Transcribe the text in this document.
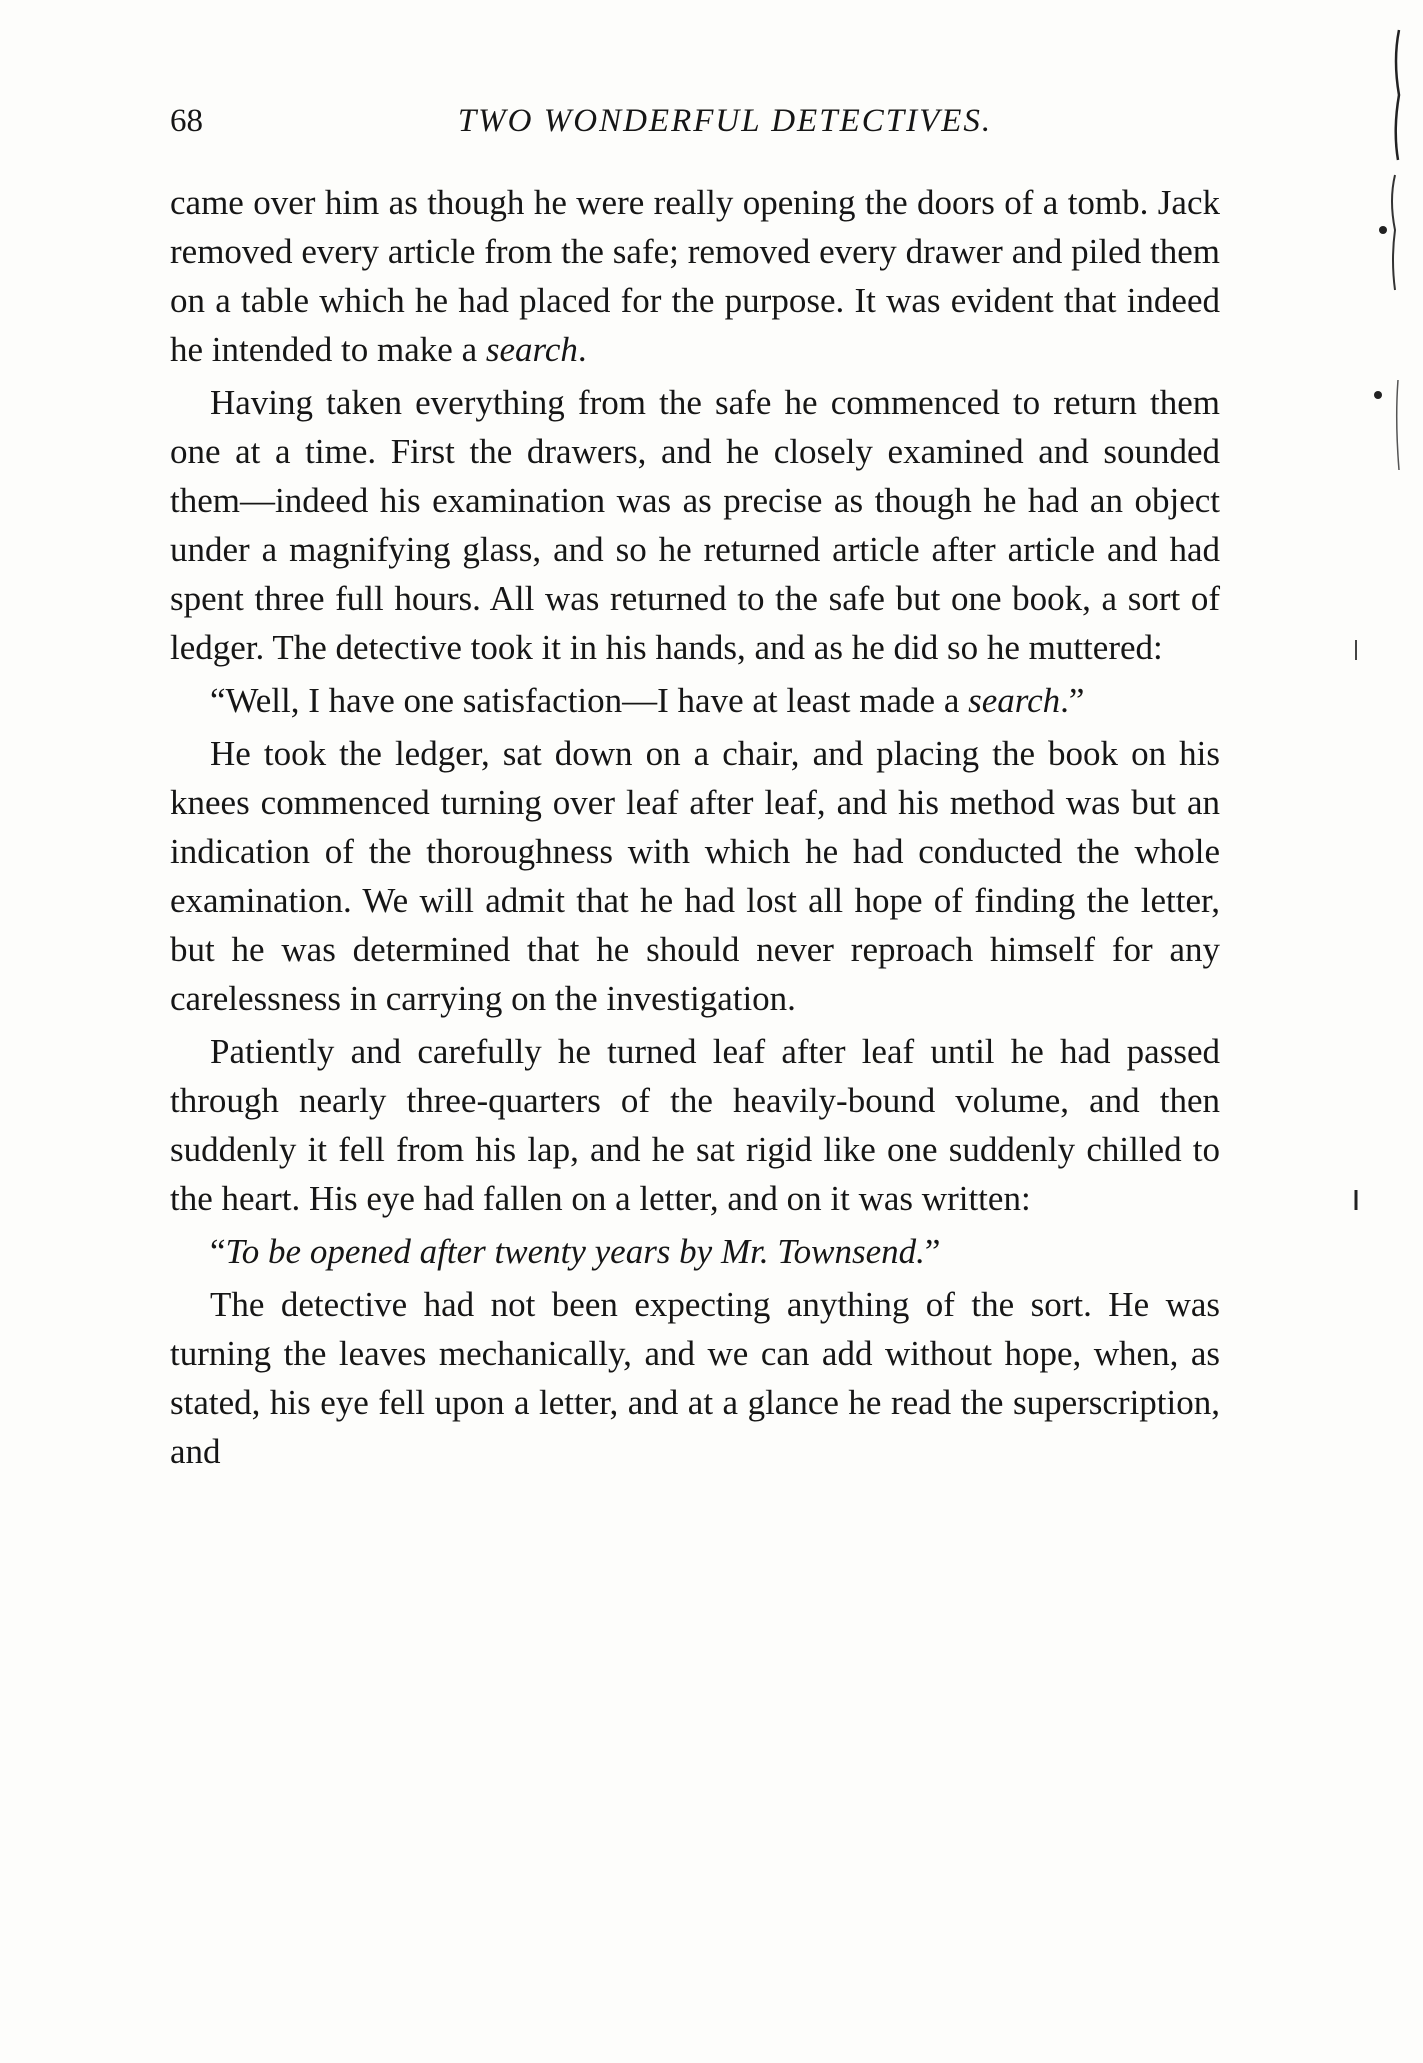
68	TWO WONDERFUL DETECTIVES.

came over him as though he were really opening the doors of a tomb. Jack removed every article from the safe; removed every drawer and piled them on a table which he had placed for the purpose. It was evident that indeed he intended to make a search.

Having taken everything from the safe he commenced to return them one at a time. First the drawers, and he closely examined and sounded them—indeed his examination was as precise as though he had an object under a magnifying glass, and so he returned article after article and had spent three full hours. All was returned to the safe but one book, a sort of ledger. The detective took it in his hands, and as he did so he muttered:

“Well, I have one satisfaction—I have at least made a search.”

He took the ledger, sat down on a chair, and placing the book on his knees commenced turning over leaf after leaf, and his method was but an indication of the thoroughness with which he had conducted the whole examination. We will admit that he had lost all hope of finding the letter, but he was determined that he should never reproach himself for any carelessness in carrying on the investigation.

Patiently and carefully he turned leaf after leaf until he had passed through nearly three-quarters of the heavily-bound volume, and then suddenly it fell from his lap, and he sat rigid like one suddenly chilled to the heart. His eye had fallen on a letter, and on it was written:

“To be opened after twenty years by Mr. Townsend.”

The detective had not been expecting anything of the sort. He was turning the leaves mechanically, and we can add without hope, when, as stated, his eye fell upon a letter, and at a glance he read the superscription, and
